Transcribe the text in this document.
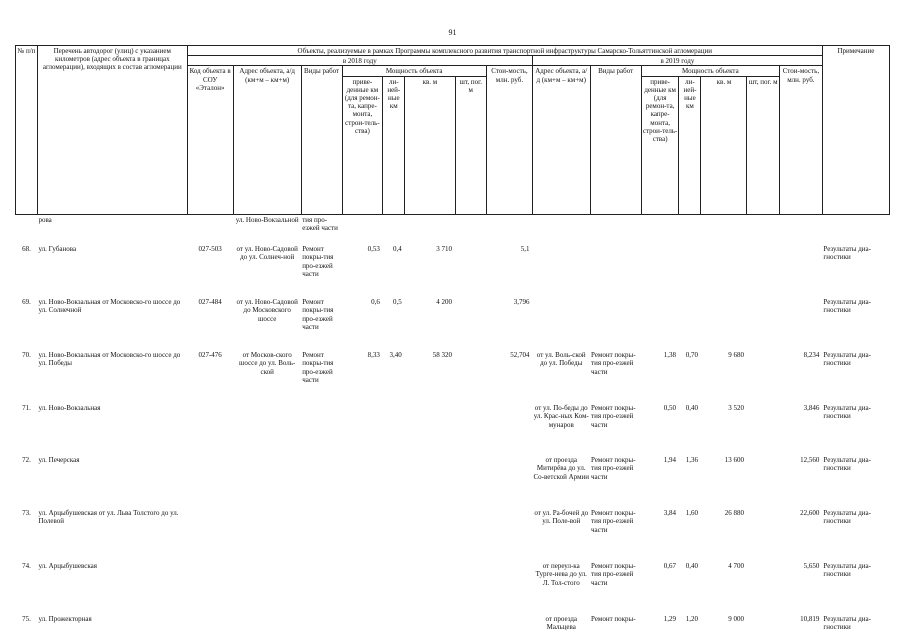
91
№ п/п	Перечень автодорог (улиц) с указанием километров (адрес объекта в границах агломерации), входящих в состав агломерации	Объекты, реализуемые в рамках Программы комплексного развития транспортной инфраструктуры Самарско-Тольяттинской агломерации															Примечание
		в 2018 году								в 2019 году							
		Код объекта в СОУ «Эталон»	Адрес объекта, а/д (км+м – км+м)	Виды работ	Мощность объекта				Стои-мость, млн. руб.	Адрес объекта, а/д (км+м – км+м)	Виды работ	Мощность объекта				Стои-мость, млн. руб.	
					приве-денные км (для ремон-та, капре-монта, строи-тель-ства)	ли-ней-ные км	кв. м	шт, пог. м				приве-денные км (для ремон-та, капре-монта, строи-тель-ства)	ли-ней-ные км	кв. м	шт, пог. м		
	рова		ул. Ново-Вокзальной	тия про-езжей части													
68.	ул. Губанова	027-503	от ул. Ново-Садовой до ул. Солнеч-ной	Ремонт покры-тия про-езжей части	0,53	0,4	3 710		5,1								Результаты диа-гностики
69.	ул. Ново-Вокзальная от Московско-го шоссе до ул. Солнечной	027-484	от ул. Ново-Садовой до Московского шоссе	Ремонт покры-тия про-езжей части	0,6	0,5	4 200		3,796								Результаты диа-гностики
70.	ул. Ново-Вокзальная от Московско-го шоссе до ул. Победы	027-476	от Москов-ского шоссе до ул. Воль-ской	Ремонт покры-тия про-езжей части	8,33	3,40	58 320		52,704	от ул. Воль-ской до ул. Победы	Ремонт покры-тия про-езжей части	1,38	0,70	9 680		8,234	Результаты диа-гностики
71.	ул. Ново-Вокзальная									от ул. По-беды до ул. Крас-ных Ком-мунаров	Ремонт покры-тия про-езжей части	0,50	0,40	3 520		3,846	Результаты диа-гностики
72.	ул. Печерская									от проезда Митирёва до ул. Со-ветской Армии	Ремонт покры-тия про-езжей части	1,94	1,36	13 600		12,560	Результаты диа-гностики
73.	ул. Арцыбушевская от ул. Льва Толстого до ул. Полевой									от ул. Ра-бочей до ул. Поле-вой	Ремонт покры-тия про-езжей части	3,84	1,60	26 880		22,600	Результаты диа-гностики
74.	ул. Арцыбушевская									от переул-ка Турге-нева до ул. Л. Тол-стого	Ремонт покры-тия про-езжей части	0,67	0,40	4 700		5,650	Результаты диа-гностики
75.	ул. Прожекторная									от проезда Мальцева	Ремонт покры-	1,29	1,20	9 000		10,819	Результаты диа-гностики
